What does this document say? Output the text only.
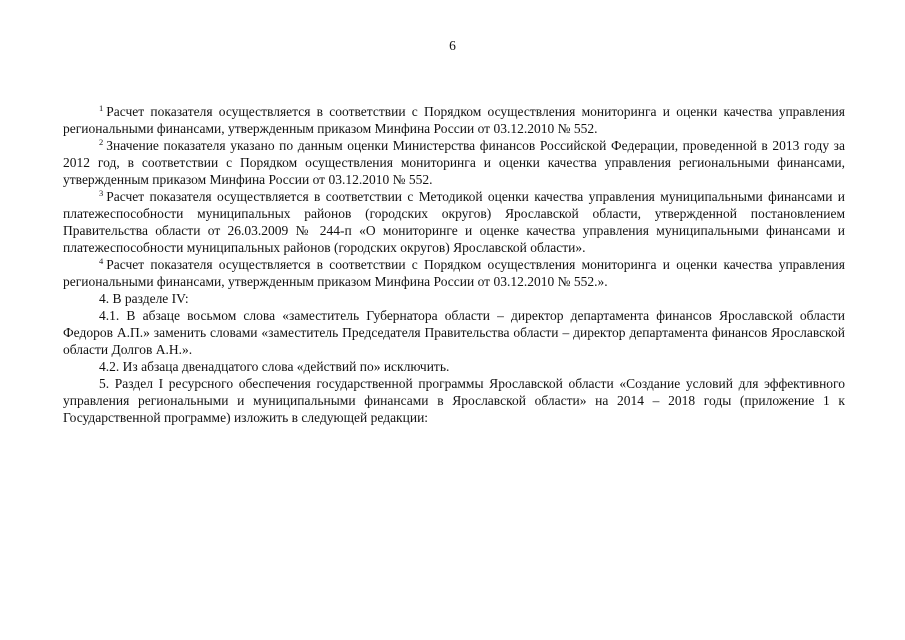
6

$^1$ Расчет показателя осуществляется в соответствии с Порядком осуществления мониторинга и оценки качества управления региональными финансами, утвержденным приказом Минфина России от 03.12.2010 № 552.

$^2$ Значение показателя указано по данным оценки Министерства финансов Российской Федерации, проведенной в 2013 году за 2012 год, в соответствии с Порядком осуществления мониторинга и оценки качества управления региональными финансами, утвержденным приказом Минфина России от 03.12.2010 № 552.

$^3$ Расчет показателя осуществляется в соответствии с Методикой оценки качества управления муниципальными финансами и платежеспособности муниципальных районов (городских округов) Ярославской области, утвержденной постановлением Правительства области от 26.03.2009 № 244-п «О мониторинге и оценке качества управления муниципальными финансами и платежеспособности муниципальных районов (городских округов) Ярославской области».

$^4$ Расчет показателя осуществляется в соответствии с Порядком осуществления мониторинга и оценки качества управления региональными финансами, утвержденным приказом Минфина России от 03.12.2010 № 552.».

4. В разделе IV:

4.1. В абзаце восьмом слова «заместитель Губернатора области – директор департамента финансов Ярославской области Федоров А.П.» заменить словами «заместитель Председателя Правительства области – директор департамента финансов Ярославской области Долгов А.Н.».

4.2. Из абзаца двенадцатого слова «действий по» исключить.

5. Раздел I ресурсного обеспечения государственной программы Ярославской области «Создание условий для эффективного управления региональными и муниципальными финансами в Ярославской области» на 2014 – 2018 годы (приложение 1 к Государственной программе) изложить в следующей редакции:
